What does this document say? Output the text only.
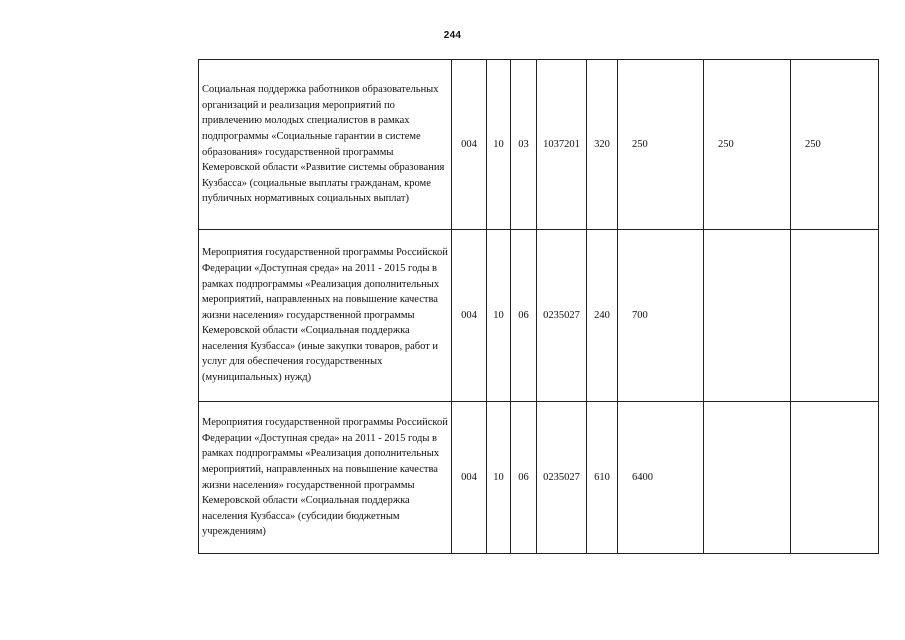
244
Социальная поддержка работников образовательных организаций и реализация мероприятий по привлечению молодых специалистов в рамках подпрограммы «Социальные гарантии в системе образования» государственной программы Кемеровской области «Развитие системы образования Кузбасса» (социальные выплаты гражданам, кроме публичных нормативных социальных выплат)	004	10	03	1037201	320	250	250	250
Мероприятия государственной программы Российской Федерации «Доступная среда» на 2011 - 2015 годы в рамках подпрограммы «Реализация дополнительных мероприятий, направленных на повышение качества жизни населения» государственной программы Кемеровской области «Социальная поддержка населения Кузбасса» (иные закупки товаров, работ и услуг для обеспечения государственных (муниципальных) нужд)	004	10	06	0235027	240	700		
Мероприятия государственной программы Российской Федерации «Доступная среда» на 2011 - 2015 годы в рамках подпрограммы «Реализация дополнительных мероприятий, направленных на повышение качества жизни населения» государственной программы Кемеровской области «Социальная поддержка населения Кузбасса» (субсидии бюджетным учреждениям)	004	10	06	0235027	610	6400		
